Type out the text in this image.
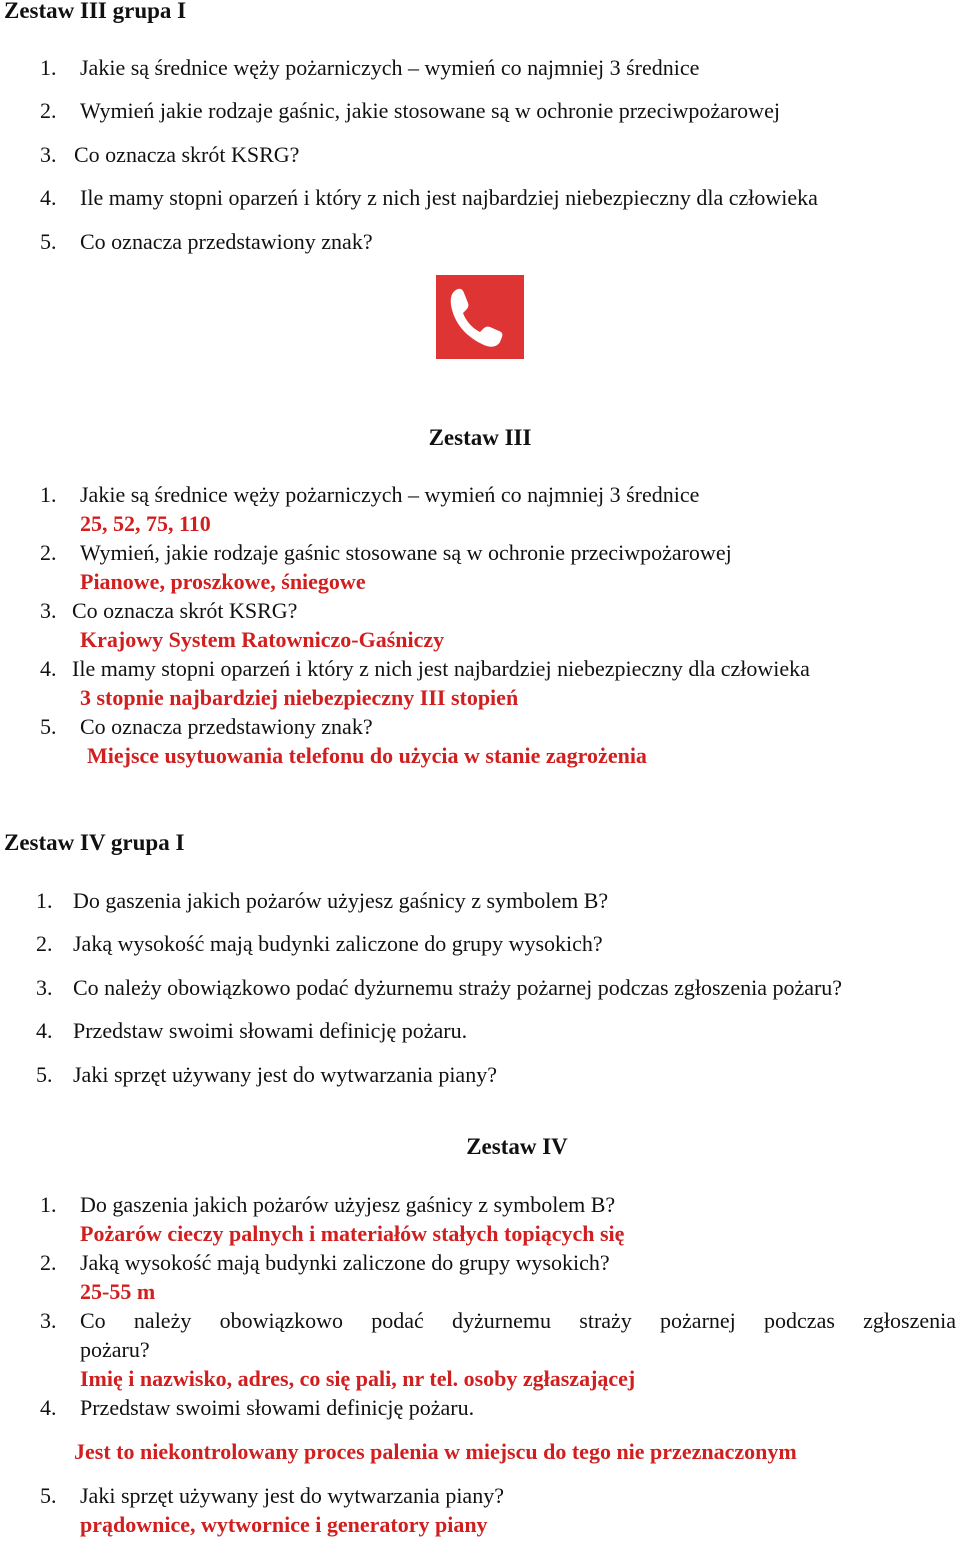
Zestaw III grupa I
1. Jakie są średnice węży pożarniczych – wymień co najmniej 3 średnice
2. Wymień jakie rodzaje gaśnic, jakie stosowane są w ochronie przeciwpożarowej
3. Co oznacza skrót KSRG?
4. Ile mamy stopni oparzeń i który z nich jest najbardziej niebezpieczny dla człowieka
5. Co oznacza przedstawiony znak?
Zestaw III
1. Jakie są średnice węży pożarniczych – wymień co najmniej 3 średnice
25, 52, 75, 110
2. Wymień, jakie rodzaje gaśnic stosowane są w ochronie przeciwpożarowej
Pianowe, proszkowe, śniegowe
3. Co oznacza skrót KSRG?
Krajowy System Ratowniczo-Gaśniczy
4. Ile mamy stopni oparzeń i który z nich jest najbardziej niebezpieczny dla człowieka
3 stopnie najbardziej niebezpieczny III stopień
5. Co oznacza przedstawiony znak?
Miejsce usytuowania telefonu do użycia w stanie zagrożenia
Zestaw IV grupa I
1. Do gaszenia jakich pożarów użyjesz gaśnicy z symbolem B?
2. Jaką wysokość mają budynki zaliczone do grupy wysokich?
3. Co należy obowiązkowo podać dyżurnemu straży pożarnej podczas zgłoszenia pożaru?
4. Przedstaw swoimi słowami definicję pożaru.
5. Jaki sprzęt używany jest do wytwarzania piany?
Zestaw IV
1. Do gaszenia jakich pożarów użyjesz gaśnicy z symbolem B?
Pożarów cieczy palnych i materiałów stałych topiących się
2. Jaką wysokość mają budynki zaliczone do grupy wysokich?
25-55 m
3. Co należy obowiązkowo podać dyżurnemu straży pożarnej podczas zgłoszenia
pożaru?
Imię i nazwisko, adres, co się pali, nr tel. osoby zgłaszającej
4. Przedstaw swoimi słowami definicję pożaru.
Jest to niekontrolowany proces palenia w miejscu do tego nie przeznaczonym
5. Jaki sprzęt używany jest do wytwarzania piany?
prądownice, wytwornice i generatory piany
